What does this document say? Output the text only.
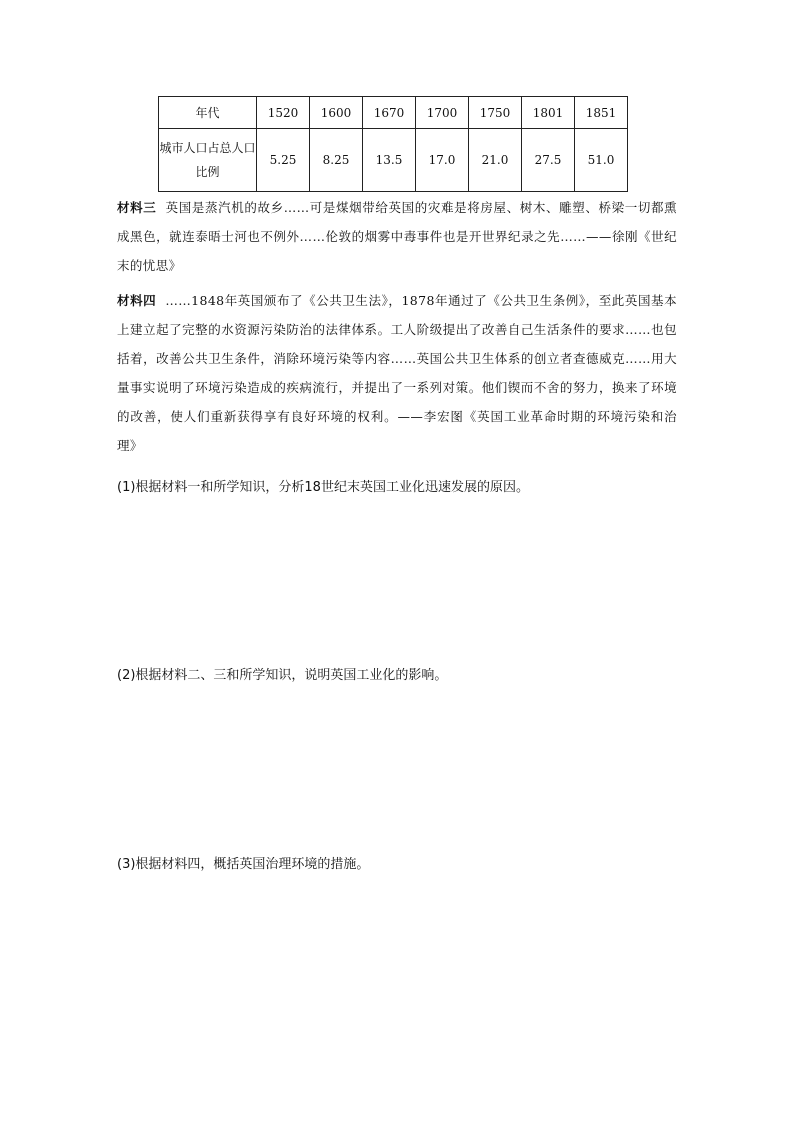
年代	1520	1600	1670	1700	1750	1801	1851
城市人口占总人口比例	5.25	8.25	13.5	17.0	21.0	27.5	51.0
材料三 英国是蒸汽机的故乡……可是煤烟带给英国的灾难是将房屋、树木、雕塑、桥梁一切都熏成黑色，就连泰晤士河也不例外……伦敦的烟雾中毒事件也是开世界纪录之先……——徐刚《世纪末的忧思》
材料四 ……1848年英国颁布了《公共卫生法》，1878年通过了《公共卫生条例》，至此英国基本上建立起了完整的水资源污染防治的法律体系。工人阶级提出了改善自己生活条件的要求……也包括着，改善公共卫生条件，消除环境污染等内容……英国公共卫生体系的创立者查德威克……用大量事实说明了环境污染造成的疾病流行，并提出了一系列对策。他们锲而不舍的努力，换来了环境的改善，使人们重新获得享有良好环境的权利。——李宏图《英国工业革命时期的环境污染和治理》
(1)根据材料一和所学知识，分析18世纪末英国工业化迅速发展的原因。
(2)根据材料二、三和所学知识，说明英国工业化的影响。
(3)根据材料四，概括英国治理环境的措施。
